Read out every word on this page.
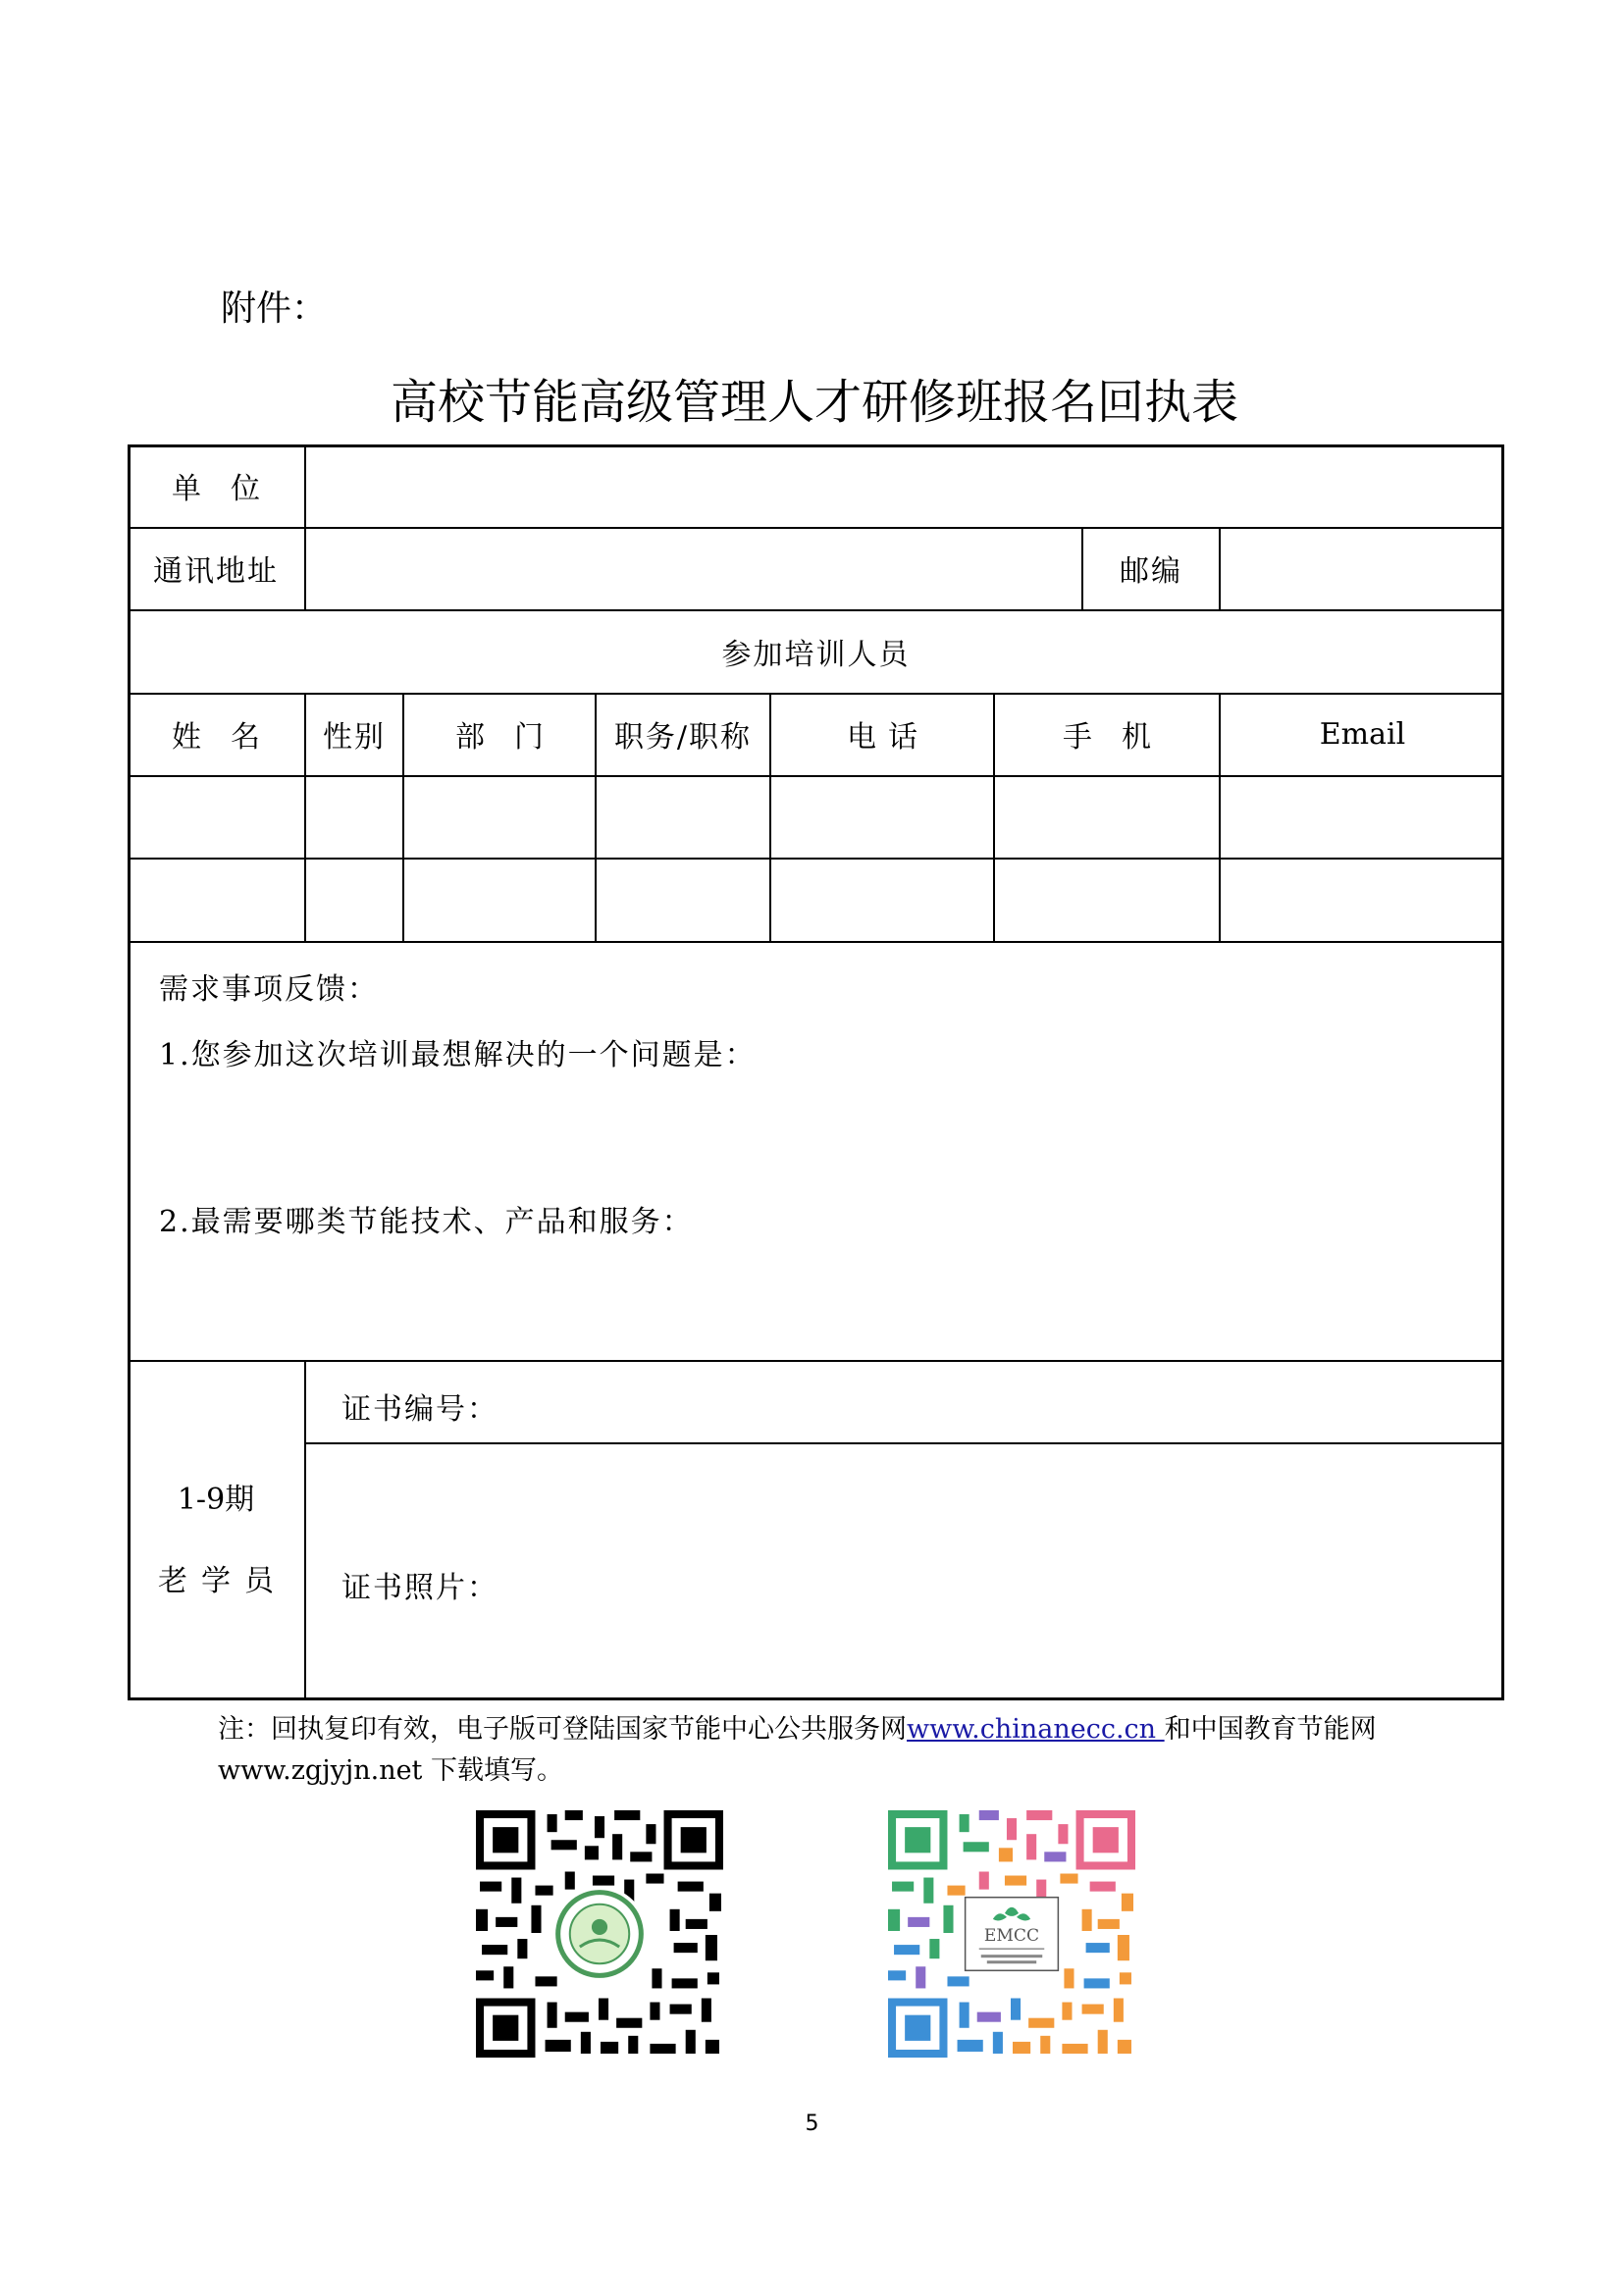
附件：
高校节能高级管理人才研修班报名回执表
单位
通讯地址	邮编
参加培训人员
姓名	性别	部门	职务/职称	电话	手机	Email
需求事项反馈：
1.您参加这次培训最想解决的一个问题是：
2.最需要哪类节能技术、产品和服务：
1-9期
老学员
证书编号：
证书照片：
注：回执复印有效，电子版可登陆国家节能中心公共服务网www.chinanecc.cn 和中国教育节能网
www.zgjyjn.net 下载填写。
EMCC
5
